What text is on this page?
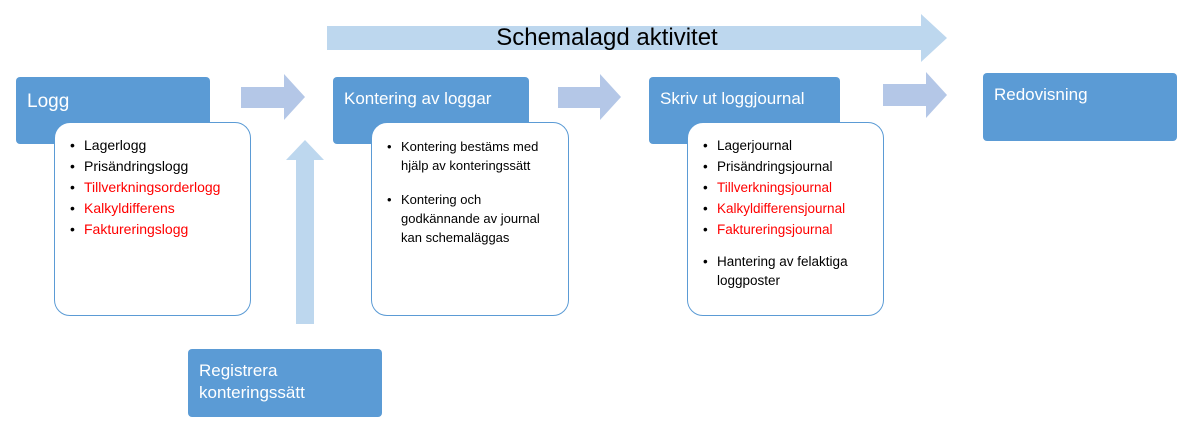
Schemalagd aktivitet
Logg
• Lagerlogg
• Prisändringslogg
• Tillverkningsorderlogg
• Kalkyldifferens
• Faktureringslogg
Kontering av loggar
• Kontering bestäms med hjälp av konteringssätt
• Kontering och godkännande av journal kan schemaläggas
Skriv ut loggjournal
• Lagerjournal
• Prisändringsjournal
• Tillverkningsjournal
• Kalkyldifferensjournal
• Faktureringsjournal
• Hantering av felaktiga loggposter
Redovisning
Registrera
konteringssätt
